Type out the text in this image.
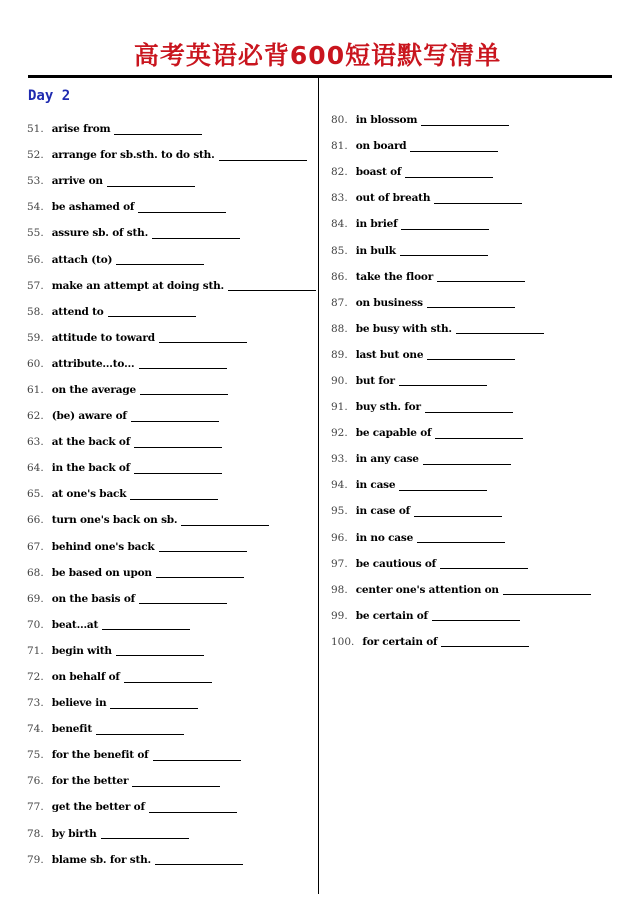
高考英语必背600短语默写清单
Day 2
51. arise from
52. arrange for sb.sth. to do sth.
53. arrive on
54. be ashamed of
55. assure sb. of sth.
56. attach (to)
57. make an attempt at doing sth.
58. attend to
59. attitude to toward
60. attribute…to…
61. on the average
62. (be) aware of
63. at the back of
64. in the back of
65. at one's back
66. turn one's back on sb.
67. behind one's back
68. be based on upon
69. on the basis of
70. beat…at
71. begin with
72. on behalf of
73. believe in
74. benefit
75. for the benefit of
76. for the better
77. get the better of
78. by birth
79. blame sb. for sth.
80. in blossom
81. on board
82. boast of
83. out of breath
84. in brief
85. in bulk
86. take the floor
87. on business
88. be busy with sth.
89. last but one
90. but for
91. buy sth. for
92. be capable of
93. in any case
94. in case
95. in case of
96. in no case
97. be cautious of
98. center one's attention on
99. be certain of
100. for certain of
